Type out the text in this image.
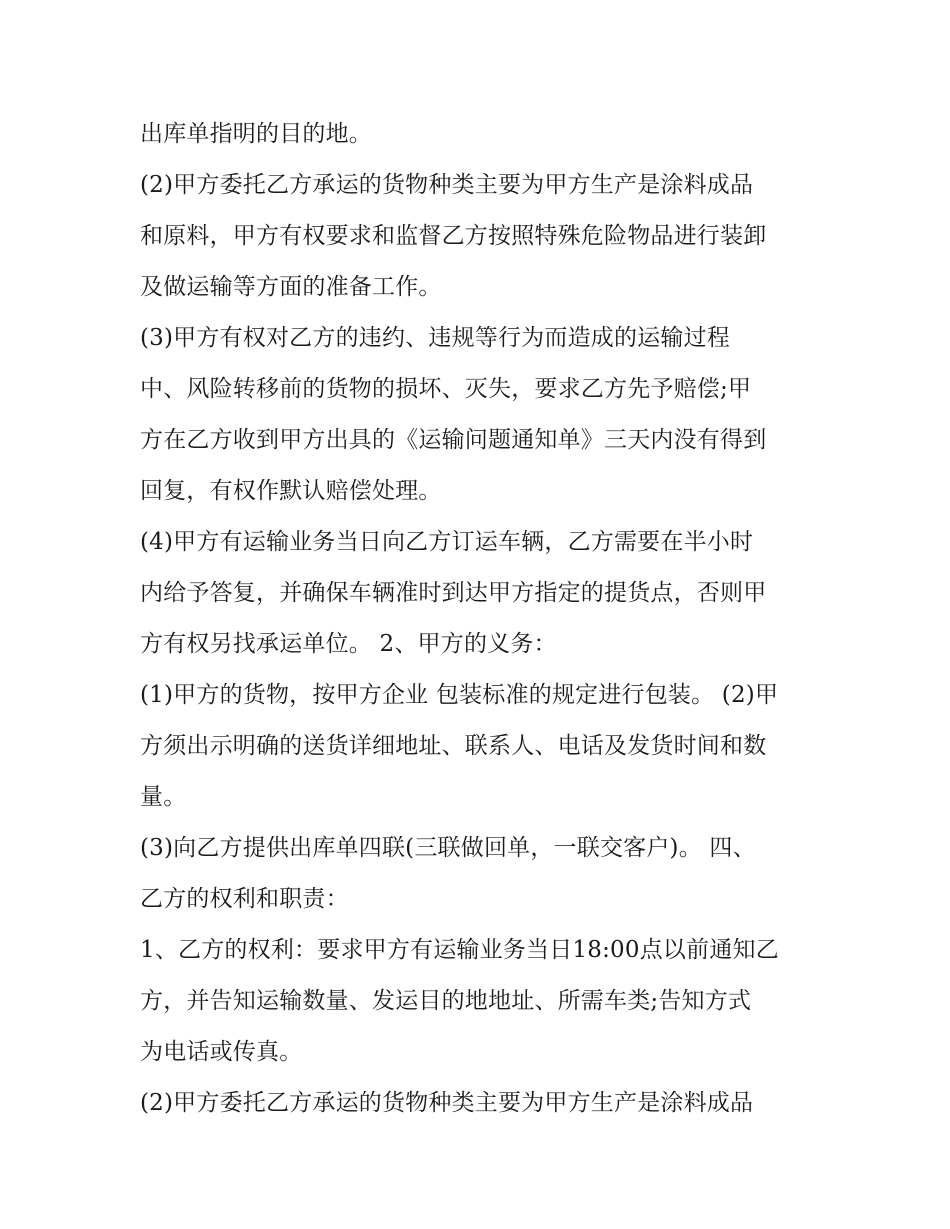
出库单指明的目的地。
(2)甲方委托乙方承运的货物种类主要为甲方生产是涂料成品
和原料，甲方有权要求和监督乙方按照特殊危险物品进行装卸
及做运输等方面的准备工作。
(3)甲方有权对乙方的违约、违规等行为而造成的运输过程
中、风险转移前的货物的损坏、灭失，要求乙方先予赔偿;甲
方在乙方收到甲方出具的《运输问题通知单》三天内没有得到
回复，有权作默认赔偿处理。
(4)甲方有运输业务当日向乙方订运车辆，乙方需要在半小时
内给予答复，并确保车辆准时到达甲方指定的提货点，否则甲
方有权另找承运单位。 2、甲方的义务：
(1)甲方的货物，按甲方企业 包装标准的规定进行包装。 (2)甲
方须出示明确的送货详细地址、联系人、电话及发货时间和数
量。
(3)向乙方提供出库单四联(三联做回单，一联交客户)。 四、
乙方的权利和职责：
1、乙方的权利：要求甲方有运输业务当日18:00点以前通知乙
方，并告知运输数量、发运目的地地址、所需车类;告知方式
为电话或传真。
(2)甲方委托乙方承运的货物种类主要为甲方生产是涂料成品
